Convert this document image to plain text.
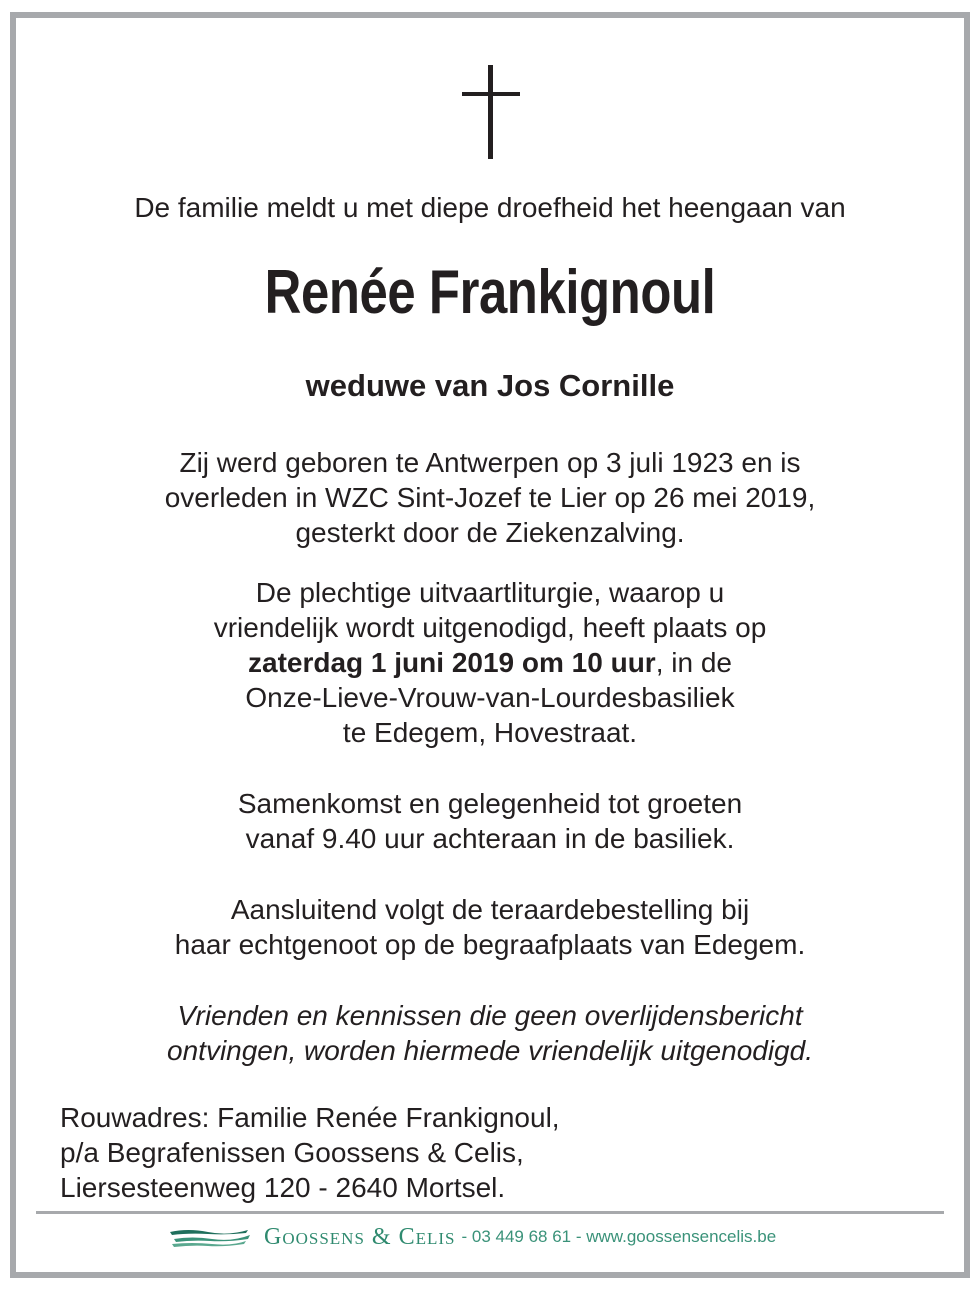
De familie meldt u met diepe droefheid het heengaan van
Renée Frankignoul
weduwe van Jos Cornille
Zij werd geboren te Antwerpen op 3 juli 1923 en is
overleden in WZC Sint-Jozef te Lier op 26 mei 2019,
gesterkt door de Ziekenzalving.
De plechtige uitvaartliturgie, waarop u
vriendelijk wordt uitgenodigd, heeft plaats op
zaterdag 1 juni 2019 om 10 uur, in de
Onze-Lieve-Vrouw-van-Lourdesbasiliek
te Edegem, Hovestraat.
Samenkomst en gelegenheid tot groeten
vanaf 9.40 uur achteraan in de basiliek.
Aansluitend volgt de teraardebestelling bij
haar echtgenoot op de begraafplaats van Edegem.
Vrienden en kennissen die geen overlijdensbericht
ontvingen, worden hiermede vriendelijk uitgenodigd.
Rouwadres: Familie Renée Frankignoul,
p/a Begrafenissen Goossens & Celis,
Liersesteenweg 120 - 2640 Mortsel.
Goossens & Celis - 03 449 68 61 - www.goossensencelis.be
